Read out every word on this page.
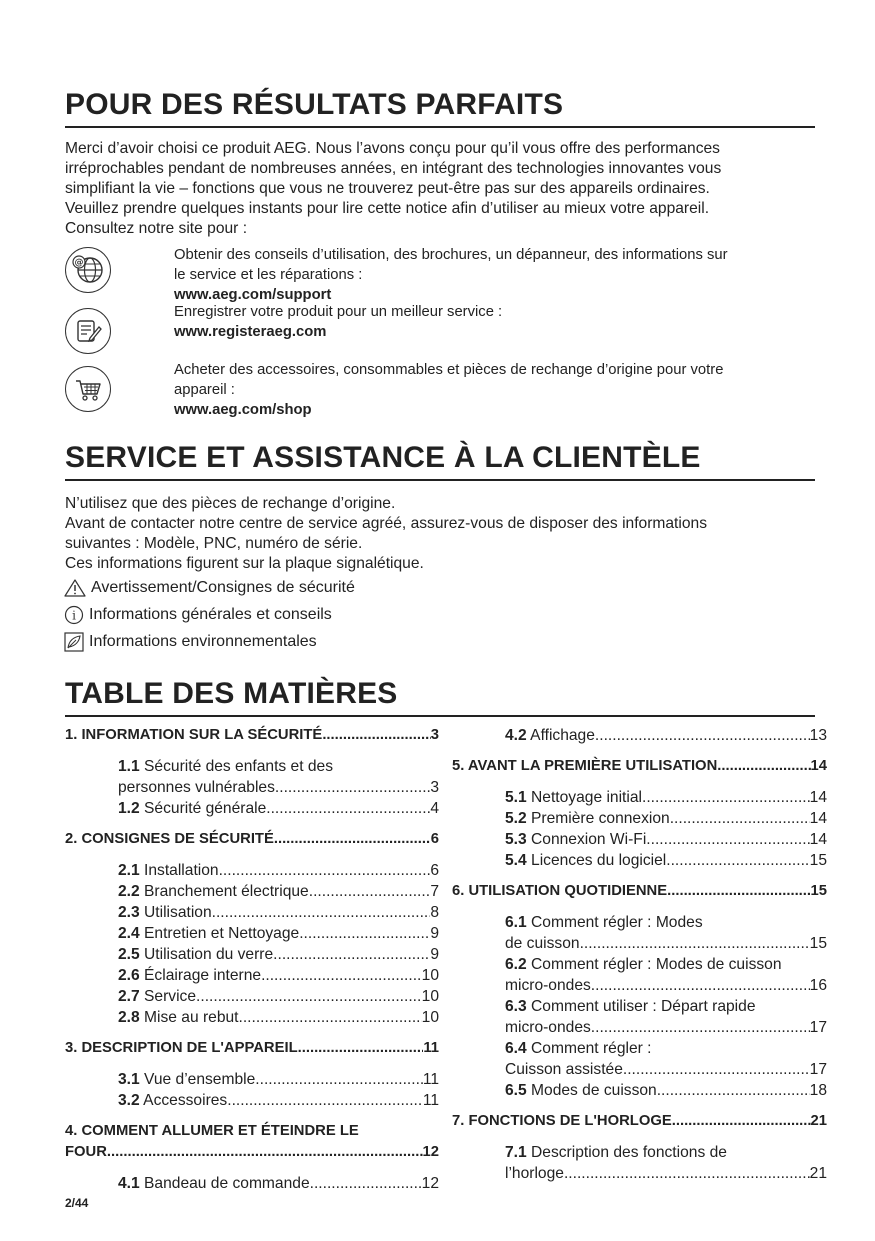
POUR DES RÉSULTATS PARFAITS
Merci d’avoir choisi ce produit AEG. Nous l’avons conçu pour qu’il vous offre des performances
irréprochables pendant de nombreuses années, en intégrant des technologies innovantes vous
simplifiant la vie – fonctions que vous ne trouverez peut-être pas sur des appareils ordinaires.
Veuillez prendre quelques instants pour lire cette notice afin d’utiliser au mieux votre appareil.
Consultez notre site pour :
@	Obtenir des conseils d’utilisation, des brochures, un dépanneur, des informations sur
le service et les réparations :
www.aeg.com/support
Enregistrer votre produit pour un meilleur service :
www.registeraeg.com
Acheter des accessoires, consommables et pièces de rechange d’origine pour votre
appareil :
www.aeg.com/shop
SERVICE ET ASSISTANCE À LA CLIENTÈLE
N’utilisez que des pièces de rechange d’origine.
Avant de contacter notre centre de service agréé, assurez-vous de disposer des informations
suivantes : Modèle, PNC, numéro de série.
Ces informations figurent sur la plaque signalétique.
Avertissement/Consignes de sécurité
i Informations générales et conseils
Informations environnementales
TABLE DES MATIÈRES
1. INFORMATION SUR LA SÉCURITÉ .....	3
1.1 Sécurité des enfants et des
personnes vulnérables .....	3
1.2 Sécurité générale .....	4
2. CONSIGNES DE SÉCURITÉ .....	6
2.1 Installation .....	6
2.2 Branchement électrique .....	7
2.3 Utilisation .....	8
2.4 Entretien et Nettoyage .....	9
2.5 Utilisation du verre .....	9
2.6 Éclairage interne .....	10
2.7 Service .....	10
2.8 Mise au rebut .....	10
3. DESCRIPTION DE L'APPAREIL .....	11
3.1 Vue d’ensemble .....	11
3.2 Accessoires .....	11
4. COMMENT ALLUMER ET ÉTEINDRE LE
FOUR .....	12
4.1 Bandeau de commande .....	12
4.2 Affichage .....	13
5. AVANT LA PREMIÈRE UTILISATION .....	14
5.1 Nettoyage initial .....	14
5.2 Première connexion .....	14
5.3 Connexion Wi-Fi .....	14
5.4 Licences du logiciel .....	15
6. UTILISATION QUOTIDIENNE .....	15
6.1 Comment régler : Modes
de cuisson .....	15
6.2 Comment régler : Modes de cuisson
micro-ondes .....	16
6.3 Comment utiliser : Départ rapide
micro-ondes .....	17
6.4 Comment régler :
Cuisson assistée .....	17
6.5 Modes de cuisson .....	18
7. FONCTIONS DE L'HORLOGE .....	21
7.1 Description des fonctions de
l’horloge .....	21
2/44
